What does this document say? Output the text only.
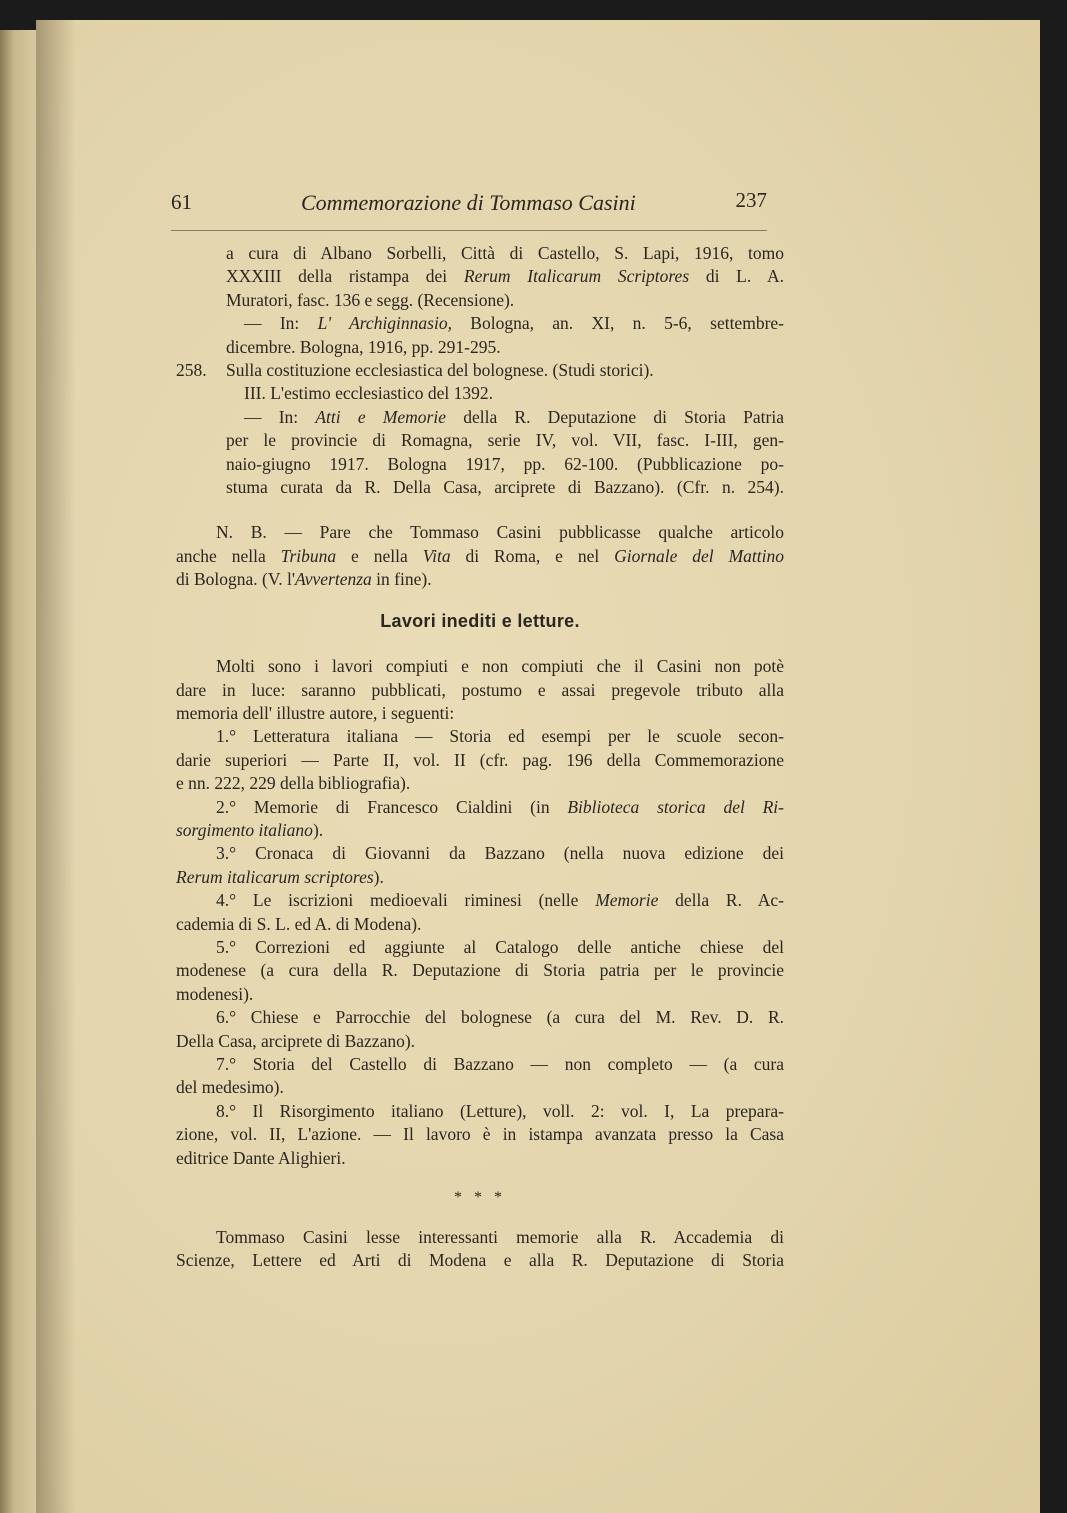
61	Commemorazione di Tommaso Casini	237

a cura di Albano Sorbelli, Città di Castello, S. Lapi, 1916, tomo

XXXIII della ristampa dei Rerum Italicarum Scriptores di L. A.

Muratori, fasc. 136 e segg. (Recensione).

— In: L' Archiginnasio, Bologna, an. XI, n. 5-6, settembre-

dicembre. Bologna, 1916, pp. 291-295.

258. Sulla costituzione ecclesiastica del bolognese. (Studi storici).

III. L'estimo ecclesiastico del 1392.

— In: Atti e Memorie della R. Deputazione di Storia Patria

per le provincie di Romagna, serie IV, vol. VII, fasc. I-III, gen-

naio-giugno 1917. Bologna 1917, pp. 62-100. (Pubblicazione po-

stuma curata da R. Della Casa, arciprete di Bazzano). (Cfr. n. 254).

N. B. — Pare che Tommaso Casini pubblicasse qualche articolo

anche nella Tribuna e nella Vita di Roma, e nel Giornale del Mattino

di Bologna. (V. l'Avvertenza in fine).

Lavori inediti e letture.

Molti sono i lavori compiuti e non compiuti che il Casini non potè

dare in luce: saranno pubblicati, postumo e assai pregevole tributo alla

memoria dell' illustre autore, i seguenti:

1.° Letteratura italiana — Storia ed esempi per le scuole secon-

darie superiori — Parte II, vol. II (cfr. pag. 196 della Commemorazione

e nn. 222, 229 della bibliografia).

2.° Memorie di Francesco Cialdini (in Biblioteca storica del Ri-

sorgimento italiano).

3.° Cronaca di Giovanni da Bazzano (nella nuova edizione dei

Rerum italicarum scriptores).

4.° Le iscrizioni medioevali riminesi (nelle Memorie della R. Ac-

cademia di S. L. ed A. di Modena).

5.° Correzioni ed aggiunte al Catalogo delle antiche chiese del

modenese (a cura della R. Deputazione di Storia patria per le provincie

modenesi).

6.° Chiese e Parrocchie del bolognese (a cura del M. Rev. D. R.

Della Casa, arciprete di Bazzano).

7.° Storia del Castello di Bazzano — non completo — (a cura

del medesimo).

8.° Il Risorgimento italiano (Letture), voll. 2: vol. I, La prepara-

zione, vol. II, L'azione. — Il lavoro è in istampa avanzata presso la Casa

editrice Dante Alighieri.

* * *

Tommaso Casini lesse interessanti memorie alla R. Accademia di

Scienze, Lettere ed Arti di Modena e alla R. Deputazione di Storia
